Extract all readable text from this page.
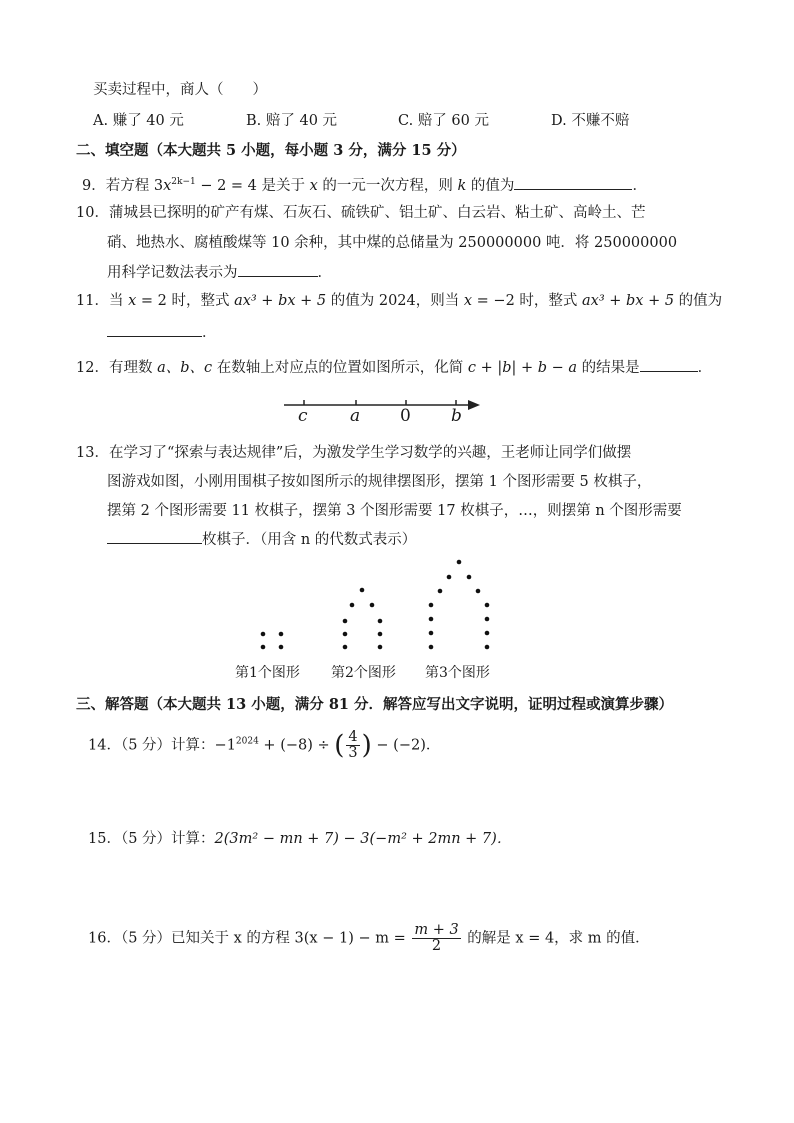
买卖过程中，商人（　　）
A. 赚了 40 元	B. 赔了 40 元	C. 赔了 60 元	D. 不赚不赔
二、填空题（本大题共 5 小题，每小题 3 分，满分 15 分）
9．若方程 $3x^{2k-1} - 2 = 4$ 是关于 x 的一元一次方程，则 k 的值为	．
10．蒲城县已探明的矿产有煤、石灰石、硫铁矿、铝土矿、白云岩、粘土矿、高岭土、芒
硝、地热水、腐植酸煤等 10 余种，其中煤的总储量为 250000000 吨．将 250000000
用科学记数法表示为	．
11．当 x = 2 时，整式 ax³ + bx + 5 的值为 2024，则当 x = −2 时，整式 ax³ + bx + 5 的值为
．
12．有理数 a、b、c 在数轴上对应点的位置如图所示，化简 c + |b| + b − a 的结果是	．
c a 0 b
13．在学习了“探索与表达规律”后，为激发学生学习数学的兴趣，王老师让同学们做摆
图游戏如图，小刚用围棋子按如图所示的规律摆图形，摆第 1 个图形需要 5 枚棋子，
摆第 2 个图形需要 11 枚棋子，摆第 3 个图形需要 17 枚棋子，…，则摆第 n 个图形需要
枚棋子．（用含 n 的代数式表示）
第1个图形 第2个图形 第3个图形
三、解答题（本大题共 13 小题，满分 81 分．解答应写出文字说明，证明过程或演算步骤）
14．（5 分）计算：$-1^{2024} + (-8)$ ÷ ( $\frac{4}{3}$ ) − (−2)．
15．（5 分）计算：2(3m² − mn + 7) − 3(−m² + 2mn + 7)．
16．（5 分）已知关于 x 的方程 $3(x - 1) - m = \frac{m + 3}{2}$ 的解是 x = 4，求 m 的值．
